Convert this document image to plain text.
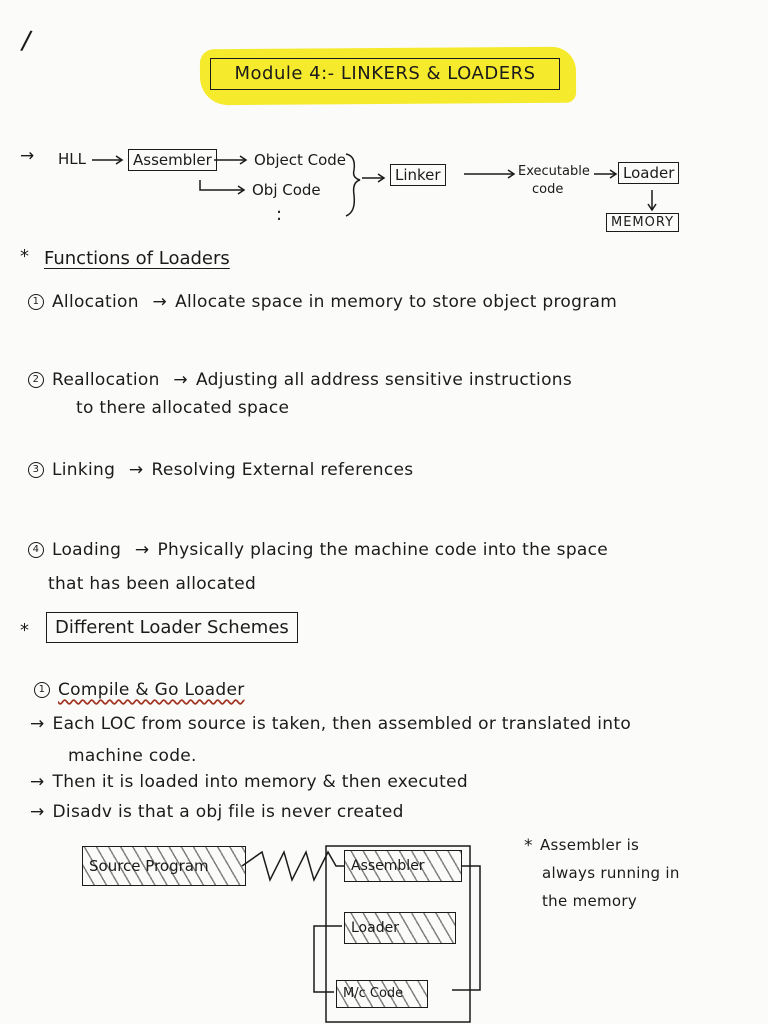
/
Module 4:- LINKERS & LOADERS
→ HLL	Assembler	Object Code
Obj Code
:
Linker	Executable
code
Loader
MEMORY
* Functions of Loaders
1 Allocation → Allocate space in memory to store object program
2 Reallocation → Adjusting all address sensitive instructions
to there allocated space
3 Linking → Resolving External references
4 Loading → Physically placing the machine code into the space
that has been allocated
*	Different Loader Schemes
1 Compile & Go Loader
→ Each LOC from source is taken, then assembled or translated into
machine code.
→ Then it is loaded into memory & then executed
→ Disadv is that a obj file is never created
Source Program	Assembler
Loader
M/c Code
* Assembler is
always running in
the memory
